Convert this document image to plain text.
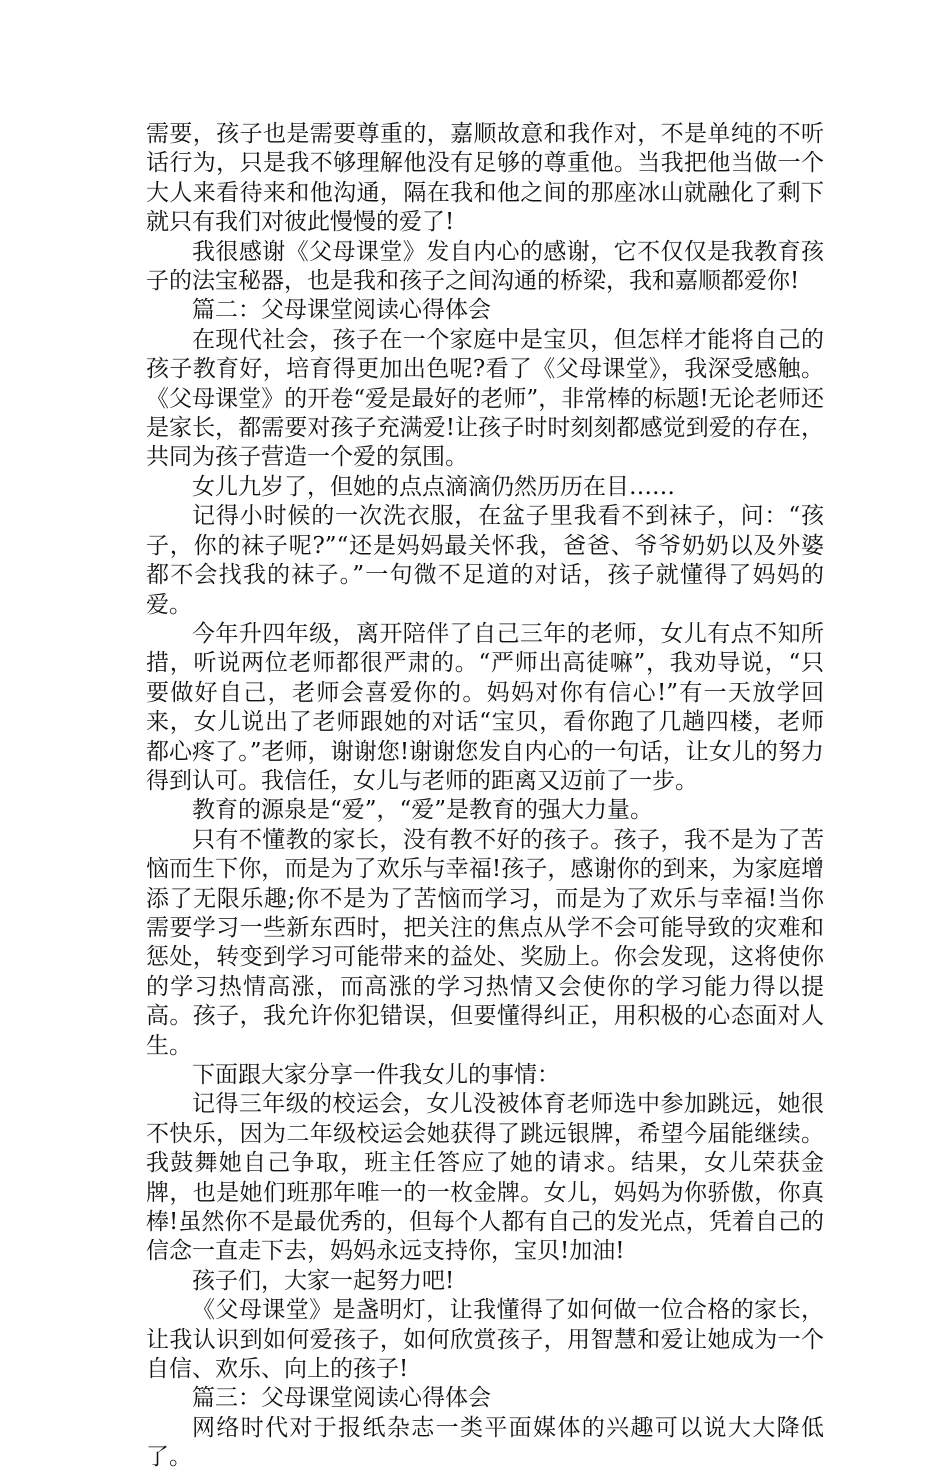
需要，孩子也是需要尊重的，嘉顺故意和我作对，不是单纯的不听话行为，只是我不够理解他没有足够的尊重他。当我把他当做一个大人来看待来和他沟通，隔在我和他之间的那座冰山就融化了剩下就只有我们对彼此慢慢的爱了!

我很感谢《父母课堂》发自内心的感谢，它不仅仅是我教育孩子的法宝秘器，也是我和孩子之间沟通的桥梁，我和嘉顺都爱你!

篇二：父母课堂阅读心得体会

在现代社会，孩子在一个家庭中是宝贝，但怎样才能将自己的孩子教育好，培育得更加出色呢?看了《父母课堂》，我深受感触。《父母课堂》的开卷“爱是最好的老师”，非常棒的标题!无论老师还是家长，都需要对孩子充满爱!让孩子时时刻刻都感觉到爱的存在，共同为孩子营造一个爱的氛围。

女儿九岁了，但她的点点滴滴仍然历历在目……

记得小时候的一次洗衣服，在盆子里我看不到袜子，问：“孩子，你的袜子呢?”“还是妈妈最关怀我，爸爸、爷爷奶奶以及外婆都不会找我的袜子。”一句微不足道的对话，孩子就懂得了妈妈的爱。

今年升四年级，离开陪伴了自己三年的老师，女儿有点不知所措，听说两位老师都很严肃的。“严师出高徒嘛”，我劝导说，“只要做好自己，老师会喜爱你的。妈妈对你有信心!”有一天放学回来，女儿说出了老师跟她的对话“宝贝，看你跑了几趟四楼，老师都心疼了。”老师，谢谢您!谢谢您发自内心的一句话，让女儿的努力得到认可。我信任，女儿与老师的距离又迈前了一步。

教育的源泉是“爱”，“爱”是教育的强大力量。

只有不懂教的家长，没有教不好的孩子。孩子，我不是为了苦恼而生下你，而是为了欢乐与幸福!孩子，感谢你的到来，为家庭增添了无限乐趣;你不是为了苦恼而学习，而是为了欢乐与幸福!当你需要学习一些新东西时，把关注的焦点从学不会可能导致的灾难和惩处，转变到学习可能带来的益处、奖励上。你会发现，这将使你的学习热情高涨，而高涨的学习热情又会使你的学习能力得以提高。孩子，我允许你犯错误，但要懂得纠正，用积极的心态面对人生。

下面跟大家分享一件我女儿的事情：

记得三年级的校运会，女儿没被体育老师选中参加跳远，她很不快乐，因为二年级校运会她获得了跳远银牌，希望今届能继续。我鼓舞她自己争取，班主任答应了她的请求。结果，女儿荣获金牌，也是她们班那年唯一的一枚金牌。女儿，妈妈为你骄傲，你真棒!虽然你不是最优秀的，但每个人都有自己的发光点，凭着自己的信念一直走下去，妈妈永远支持你，宝贝!加油!

孩子们，大家一起努力吧!

《父母课堂》是盏明灯，让我懂得了如何做一位合格的家长，让我认识到如何爱孩子，如何欣赏孩子，用智慧和爱让她成为一个自信、欢乐、向上的孩子!

篇三：父母课堂阅读心得体会

网络时代对于报纸杂志一类平面媒体的兴趣可以说大大降低了。
